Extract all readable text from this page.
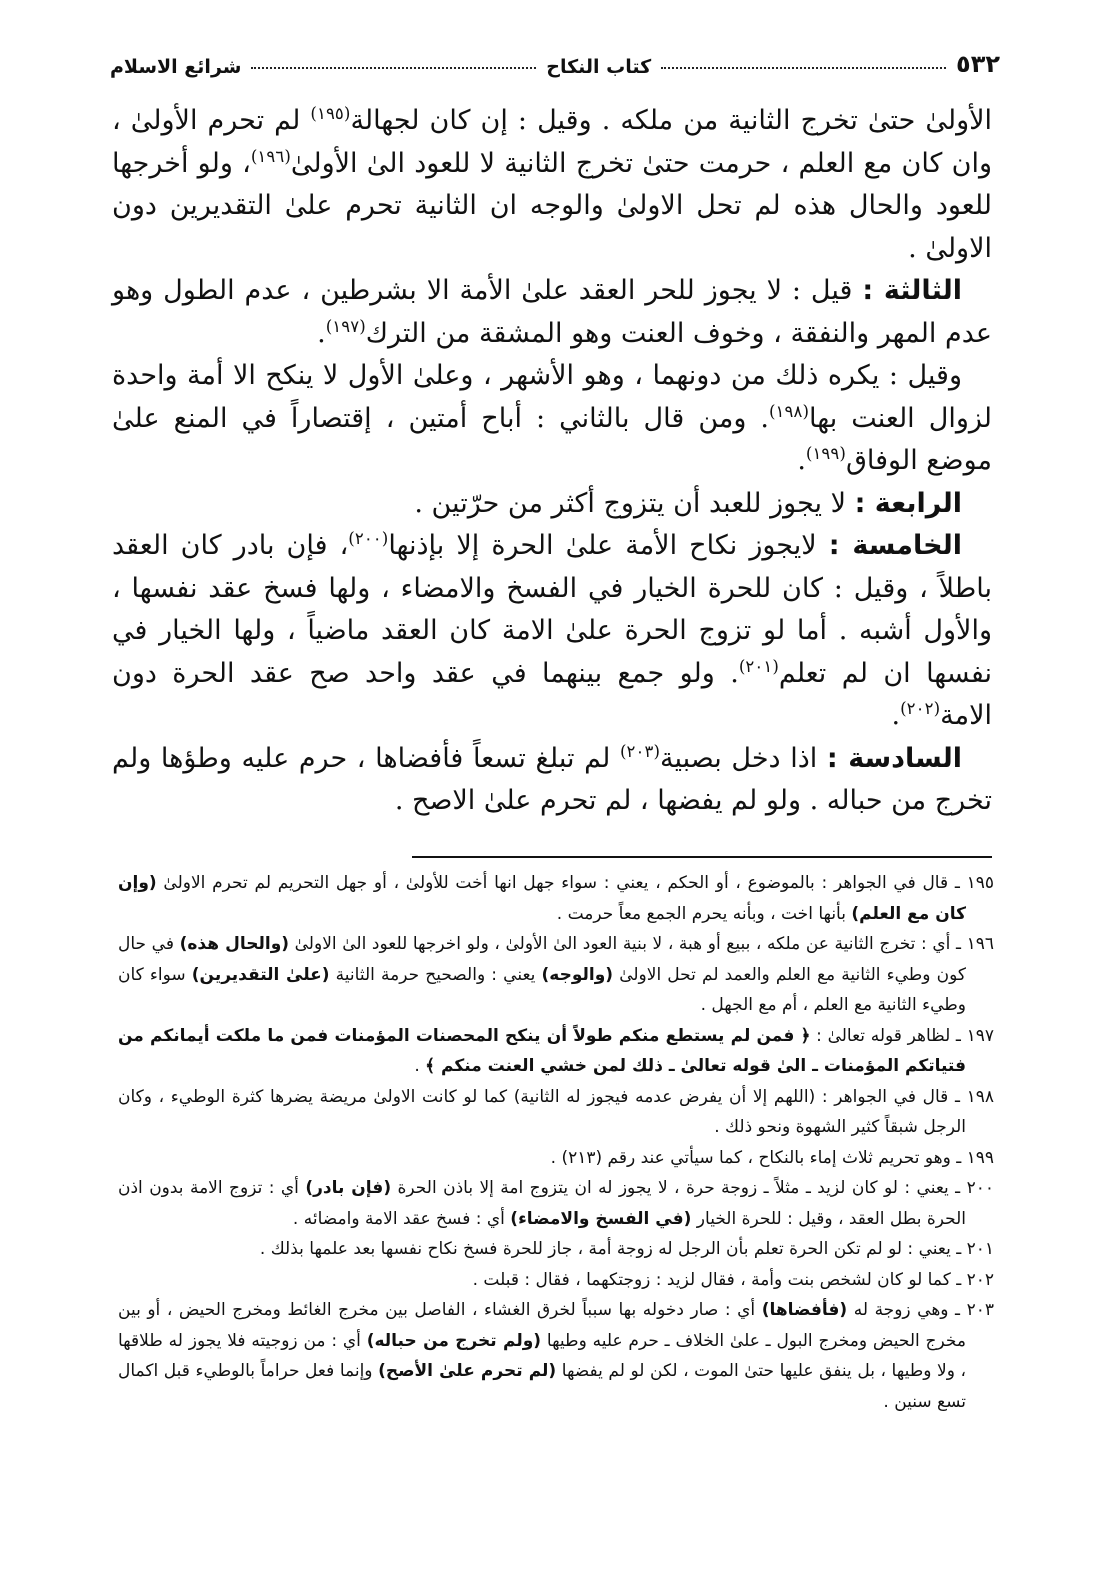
٥٣٢
كتاب النكاح
شرائع الاسلام

الأولىٰ حتىٰ تخرج الثانية من ملكه . وقيل : إن كان لجهالة$^{(١٩٥)}$ لم تحرم الأولىٰ ، وان كان مع العلم ، حرمت حتىٰ تخرج الثانية لا للعود الىٰ الأولىٰ$^{(١٩٦)}$، ولو أخرجها للعود والحال هذه لم تحل الاولىٰ والوجه ان الثانية تحرم علىٰ التقديرين دون الاولىٰ .

الثالثة : قيل : لا يجوز للحر العقد علىٰ الأمة الا بشرطين ، عدم الطول وهو عدم المهر والنفقة ، وخوف العنت وهو المشقة من الترك$^{(١٩٧)}$.

وقيل : يكره ذلك من دونهما ، وهو الأشهر ، وعلىٰ الأول لا ينكح الا أمة واحدة لزوال العنت بها$^{(١٩٨)}$. ومن قال بالثاني : أباح أمتين ، إقتصاراً في المنع علىٰ موضع الوفاق$^{(١٩٩)}$.

الرابعة : لا يجوز للعبد أن يتزوج أكثر من حرّتين .

الخامسة : لايجوز نكاح الأمة علىٰ الحرة إلا بإذنها$^{(٢٠٠)}$، فإن بادر كان العقد باطلاً ، وقيل : كان للحرة الخيار في الفسخ والامضاء ، ولها فسخ عقد نفسها ، والأول أشبه . أما لو تزوج الحرة علىٰ الامة كان العقد ماضياً ، ولها الخيار في نفسها ان لم تعلم$^{(٢٠١)}$. ولو جمع بينهما في عقد واحد صح عقد الحرة دون الامة$^{(٢٠٢)}$.

السادسة : اذا دخل بصبية$^{(٢٠٣)}$ لم تبلغ تسعاً فأفضاها ، حرم عليه وطؤها ولم تخرج من حباله . ولو لم يفضها ، لم تحرم علىٰ الاصح .

١٩٥ ـ قال في الجواهر : بالموضوع ، أو الحكم ، يعني : سواء جهل انها أخت للأولىٰ ، أو جهل التحريم لم تحرم الاولىٰ (وإن كان مع العلم) بأنها اخت ، وبأنه يحرم الجمع معاً حرمت .

١٩٦ ـ أي : تخرج الثانية عن ملكه ، ببيع أو هبة ، لا بنية العود الىٰ الأولىٰ ، ولو اخرجها للعود الىٰ الاولىٰ (والحال هذه) في حال كون وطيء الثانية مع العلم والعمد لم تحل الاولىٰ (والوجه) يعني : والصحيح حرمة الثانية (علىٰ التقديرين) سواء كان وطيء الثانية مع العلم ، أم مع الجهل .

١٩٧ ـ لظاهر قوله تعالىٰ : ﴿ فمن لم يستطع منكم طولاً أن ينكح المحصنات المؤمنات فمن ما ملكت أيمانكم من فتياتكم المؤمنات ـ الىٰ قوله تعالىٰ ـ ذلك لمن خشي العنت منكم ﴾ .

١٩٨ ـ قال في الجواهر : (اللهم إلا أن يفرض عدمه فيجوز له الثانية) كما لو كانت الاولىٰ مريضة يضرها كثرة الوطيء ، وكان الرجل شبقاً كثير الشهوة ونحو ذلك .

١٩٩ ـ وهو تحريم ثلاث إماء بالنكاح ، كما سيأتي عند رقم (٢١٣) .

٢٠٠ ـ يعني : لو كان لزيد ـ مثلاً ـ زوجة حرة ، لا يجوز له ان يتزوج امة إلا باذن الحرة (فإن بادر) أي : تزوج الامة بدون اذن الحرة بطل العقد ، وقيل : للحرة الخيار (في الفسخ والامضاء) أي : فسخ عقد الامة وامضائه .

٢٠١ ـ يعني : لو لم تكن الحرة تعلم بأن الرجل له زوجة أمة ، جاز للحرة فسخ نكاح نفسها بعد علمها بذلك .

٢٠٢ ـ كما لو كان لشخص بنت وأمة ، فقال لزيد : زوجتكهما ، فقال : قبلت .

٢٠٣ ـ وهي زوجة له (فأفضاها) أي : صار دخوله بها سبباً لخرق الغشاء ، الفاصل بين مخرج الغائط ومخرج الحيض ، أو بين مخرج الحيض ومخرج البول ـ علىٰ الخلاف ـ حرم عليه وطيها (ولم تخرج من حباله) أي : من زوجيته فلا يجوز له طلاقها ، ولا وطيها ، بل ينفق عليها حتىٰ الموت ، لكن لو لم يفضها (لم تحرم علىٰ الأصح) وإنما فعل حراماً بالوطيء قبل اكمال تسع سنين .
